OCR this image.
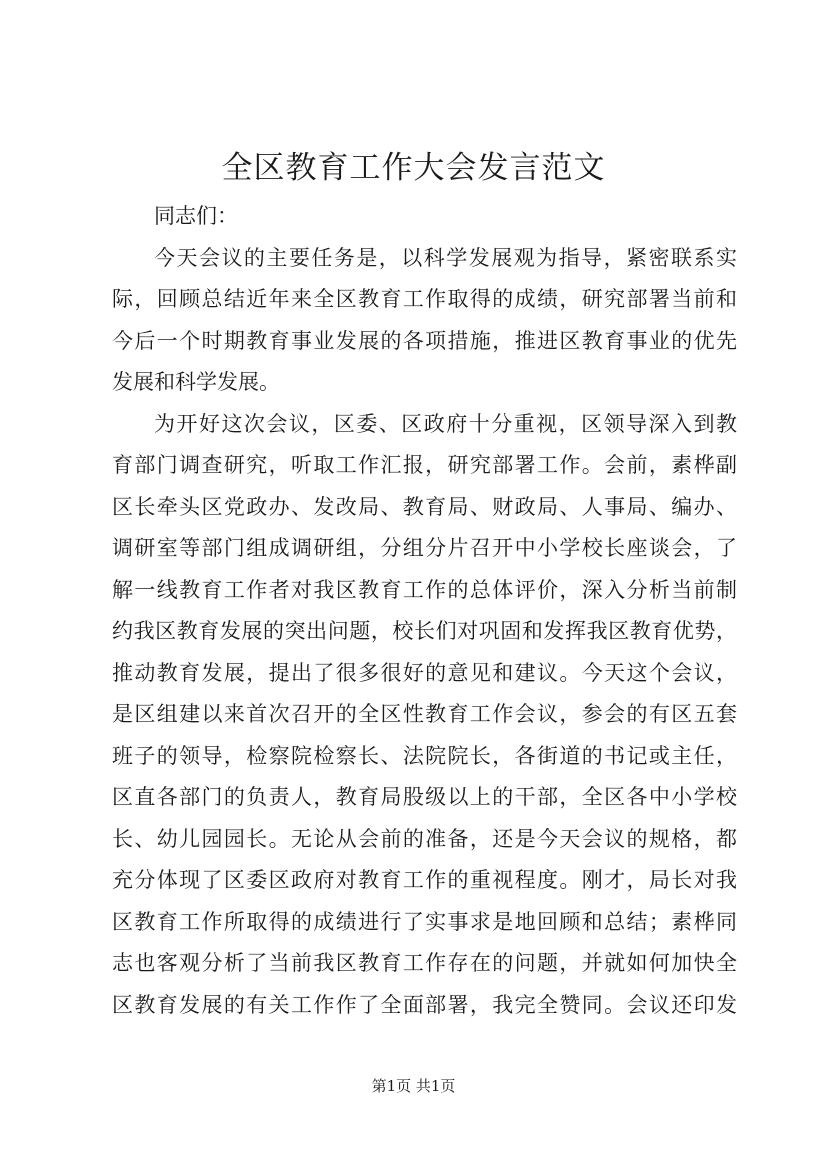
全区教育工作大会发言范文
同志们：
今天会议的主要任务是，以科学发展观为指导，紧密联系实
际，回顾总结近年来全区教育工作取得的成绩，研究部署当前和
今后一个时期教育事业发展的各项措施，推进区教育事业的优先
发展和科学发展。
为开好这次会议，区委、区政府十分重视，区领导深入到教
育部门调查研究，听取工作汇报，研究部署工作。会前，素桦副
区长牵头区党政办、发改局、教育局、财政局、人事局、编办、
调研室等部门组成调研组，分组分片召开中小学校长座谈会，了
解一线教育工作者对我区教育工作的总体评价，深入分析当前制
约我区教育发展的突出问题，校长们对巩固和发挥我区教育优势，
推动教育发展，提出了很多很好的意见和建议。今天这个会议，
是区组建以来首次召开的全区性教育工作会议，参会的有区五套
班子的领导，检察院检察长、法院院长，各街道的书记或主任，
区直各部门的负责人，教育局股级以上的干部，全区各中小学校
长、幼儿园园长。无论从会前的准备，还是今天会议的规格，都
充分体现了区委区政府对教育工作的重视程度。刚才，局长对我
区教育工作所取得的成绩进行了实事求是地回顾和总结；素桦同
志也客观分析了当前我区教育工作存在的问题，并就如何加快全
区教育发展的有关工作作了全面部署，我完全赞同。会议还印发
第1页 共1页
